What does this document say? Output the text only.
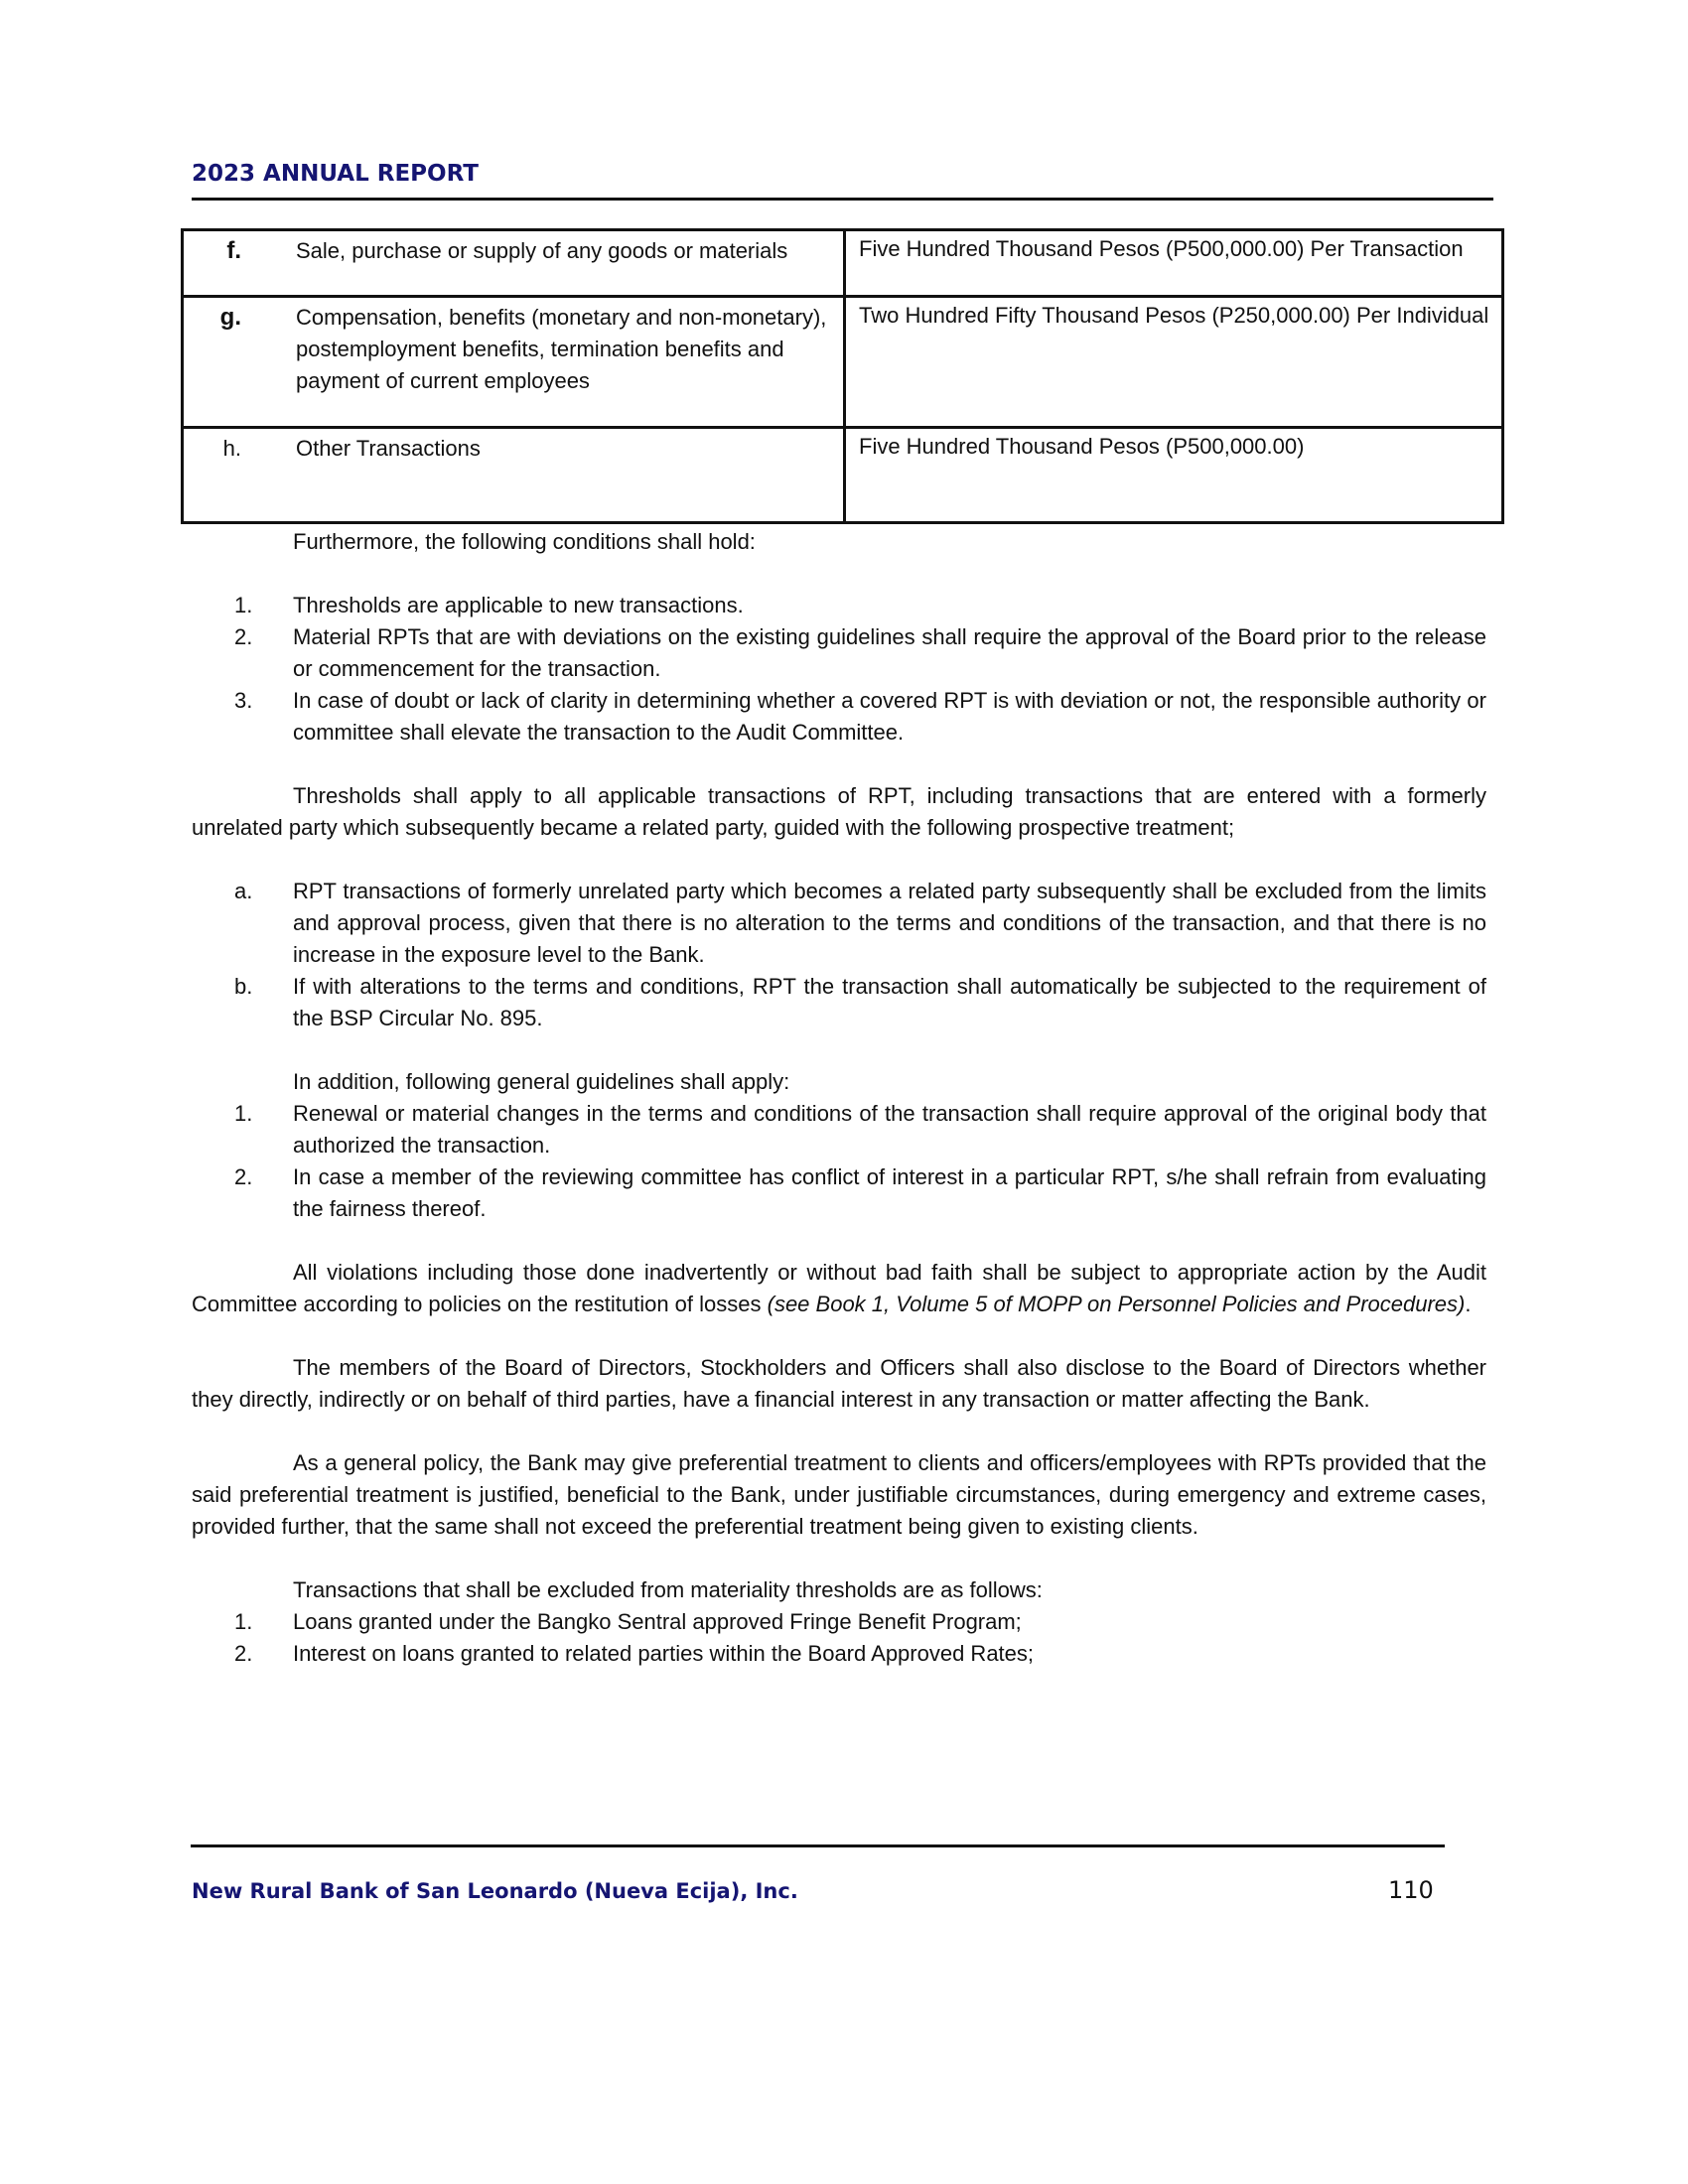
2023 ANNUAL REPORT
f. Sale, purchase or supply of any goods or materials	Five Hundred Thousand Pesos (P500,000.00) Per Transaction

g. Compensation, benefits (monetary and non-monetary), postemployment benefits, termination benefits and payment of current employees	Two Hundred Fifty Thousand Pesos (P250,000.00) Per Individual

h. Other Transactions	Five Hundred Thousand Pesos (P500,000.00)

Furthermore, the following conditions shall hold:

1.	Thresholds are applicable to new transactions.
2.	Material RPTs that are with deviations on the existing guidelines shall require the approval of the Board prior to the release or commencement for the transaction.
3.	In case of doubt or lack of clarity in determining whether a covered RPT is with deviation or not, the responsible authority or committee shall elevate the transaction to the Audit Committee.

Thresholds shall apply to all applicable transactions of RPT, including transactions that are entered with a formerly unrelated party which subsequently became a related party, guided with the following prospective treatment;

a.	RPT transactions of formerly unrelated party which becomes a related party subsequently shall be excluded from the limits and approval process, given that there is no alteration to the terms and conditions of the transaction, and that there is no increase in the exposure level to the Bank.
b.	If with alterations to the terms and conditions, RPT the transaction shall automatically be subjected to the requirement of the BSP Circular No. 895.

In addition, following general guidelines shall apply:

1.	Renewal or material changes in the terms and conditions of the transaction shall require approval of the original body that authorized the transaction.
2.	In case a member of the reviewing committee has conflict of interest in a particular RPT, s/he shall refrain from evaluating the fairness thereof.

All violations including those done inadvertently or without bad faith shall be subject to appropriate action by the Audit Committee according to policies on the restitution of losses (see Book 1, Volume 5 of MOPP on Personnel Policies and Procedures).

The members of the Board of Directors, Stockholders and Officers shall also disclose to the Board of Directors whether they directly, indirectly or on behalf of third parties, have a financial interest in any transaction or matter affecting the Bank.

As a general policy, the Bank may give preferential treatment to clients and officers/employees with RPTs provided that the said preferential treatment is justified, beneficial to the Bank, under justifiable circumstances, during emergency and extreme cases, provided further, that the same shall not exceed the preferential treatment being given to existing clients.

Transactions that shall be excluded from materiality thresholds are as follows:

1.	Loans granted under the Bangko Sentral approved Fringe Benefit Program;
2.	Interest on loans granted to related parties within the Board Approved Rates;
New Rural Bank of San Leonardo (Nueva Ecija), Inc.	110
